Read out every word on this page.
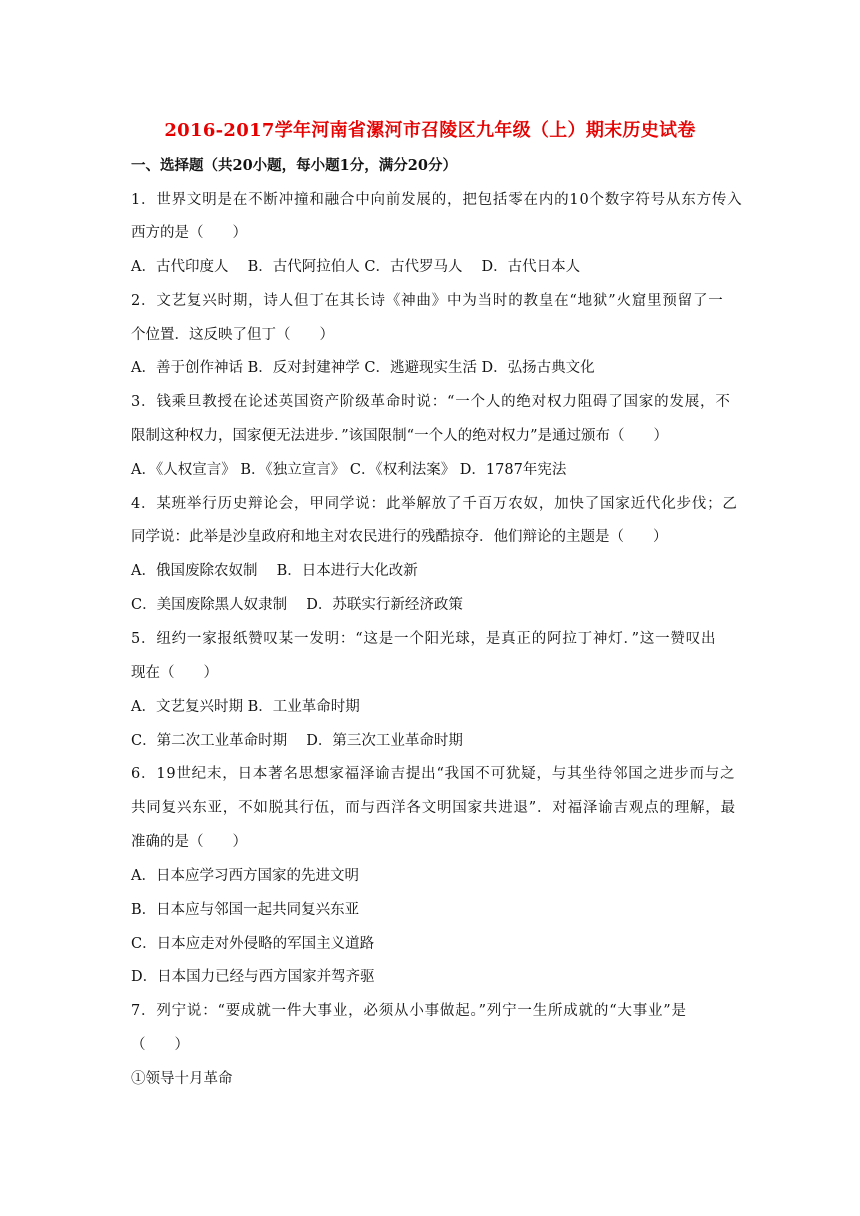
2016-2017学年河南省漯河市召陵区九年级（上）期末历史试卷
一、选择题（共20小题，每小题1分，满分20分）
1．世界文明是在不断冲撞和融合中向前发展的，把包括零在内的10个数字符号从东方传入
西方的是（　　）
A．古代印度人　 B．古代阿拉伯人 C．古代罗马人　 D．古代日本人
2．文艺复兴时期，诗人但丁在其长诗《神曲》中为当时的教皇在“地狱”火窟里预留了一
个位置．这反映了但丁（　　）
A．善于创作神话 B．反对封建神学 C．逃避现实生活 D．弘扬古典文化
3．钱乘旦教授在论述英国资产阶级革命时说：“一个人的绝对权力阻碍了国家的发展，不
限制这种权力，国家便无法进步．”该国限制“一个人的绝对权力”是通过颁布（　　）
A．《人权宣言》 B．《独立宣言》 C．《权利法案》 D．1787年宪法
4．某班举行历史辩论会，甲同学说：此举解放了千百万农奴，加快了国家近代化步伐；乙
同学说：此举是沙皇政府和地主对农民进行的残酷掠夺．他们辩论的主题是（　　）
A．俄国废除农奴制　 B．日本进行大化改新
C．美国废除黑人奴隶制　 D．苏联实行新经济政策
5．纽约一家报纸赞叹某一发明：“这是一个阳光球，是真正的阿拉丁神灯．”这一赞叹出
现在（　　）
A．文艺复兴时期 B．工业革命时期
C．第二次工业革命时期　 D．第三次工业革命时期
6．19世纪末，日本著名思想家福泽谕吉提出“我国不可犹疑，与其坐待邻国之进步而与之
共同复兴东亚，不如脱其行伍，而与西洋各文明国家共进退”．对福泽谕吉观点的理解，最
准确的是（　　）
A．日本应学习西方国家的先进文明
B．日本应与邻国一起共同复兴东亚
C．日本应走对外侵略的军国主义道路
D．日本国力已经与西方国家并驾齐驱
7．列宁说：“要成就一件大事业，必须从小事做起。”列宁一生所成就的“大事业”是
（　　）
①领导十月革命
